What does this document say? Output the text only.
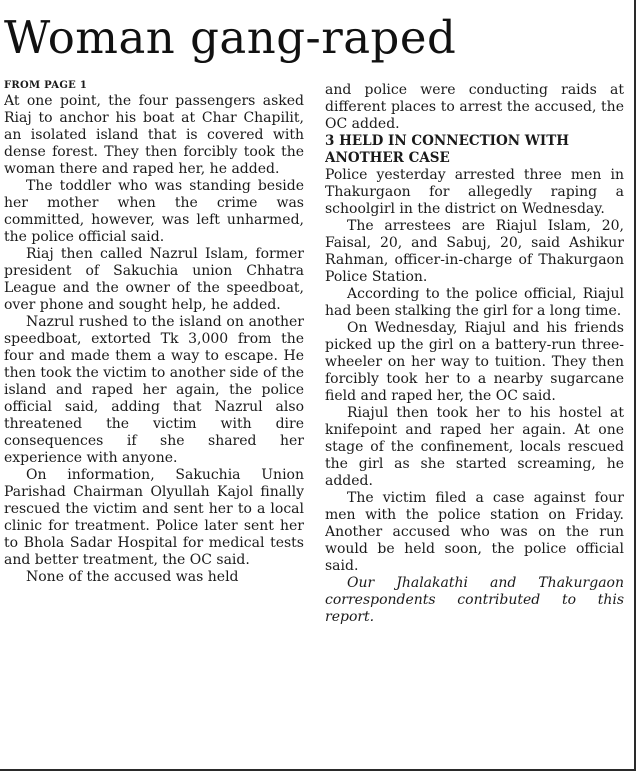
Woman gang-raped
FROM PAGE 1

At one point, the four passengers asked Riaj to anchor his boat at Char Chapilit, an isolated island that is covered with dense forest. They then forcibly took the woman there and raped her, he added.

The toddler who was standing beside her mother when the crime was committed, however, was left unharmed, the police official said.

Riaj then called Nazrul Islam, former president of Sakuchia union Chhatra League and the owner of the speedboat, over phone and sought help, he added.

Nazrul rushed to the island on another speedboat, extorted Tk 3,000 from the four and made them a way to escape. He then took the victim to another side of the island and raped her again, the police official said, adding that Nazrul also threatened the victim with dire consequences if she shared her experience with anyone.

On information, Sakuchia Union Parishad Chairman Olyullah Kajol finally rescued the victim and sent her to a local clinic for treatment. Police later sent her to Bhola Sadar Hospital for medical tests and better treatment, the OC said.

None of the accused was held

and police were conducting raids at different places to arrest the accused, the OC added.

3 HELD IN CONNECTION WITH ANOTHER CASE

Police yesterday arrested three men in Thakurgaon for allegedly raping a schoolgirl in the district on Wednesday.

The arrestees are Riajul Islam, 20, Faisal, 20, and Sabuj, 20, said Ashikur Rahman, officer-in-charge of Thakurgaon Police Station.

According to the police official, Riajul had been stalking the girl for a long time.

On Wednesday, Riajul and his friends picked up the girl on a battery-run three-wheeler on her way to tuition. They then forcibly took her to a nearby sugarcane field and raped her, the OC said.

Riajul then took her to his hostel at knifepoint and raped her again. At one stage of the confinement, locals rescued the girl as she started screaming, he added.

The victim filed a case against four men with the police station on Friday. Another accused who was on the run would be held soon, the police official said.

Our Jhalakathi and Thakurgaon correspondents contributed to this report.
